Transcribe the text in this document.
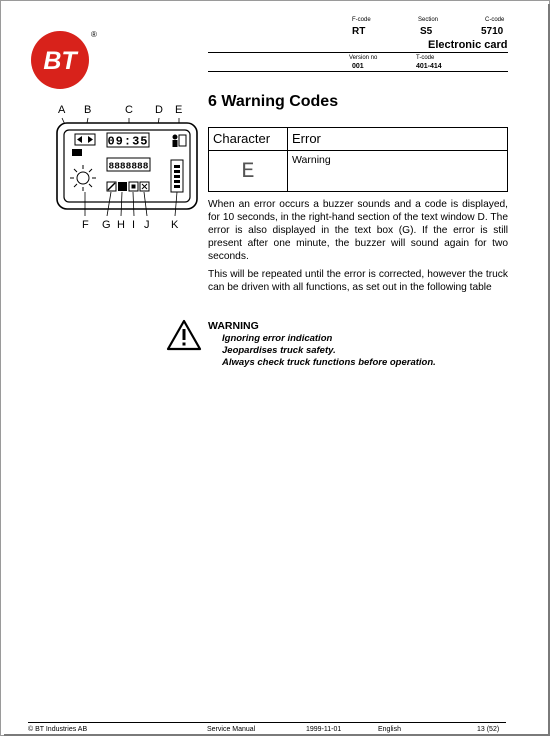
BT
®
F-code	Section	C-code
RT	S5	5710
Electronic card
Version no	T-code
001	401-414
6 Warning Codes
A B	C D E
09:35
8888888
F G H I J K
Character	Error
E	Warning
When an error occurs a buzzer sounds and a code is displayed, for 10 seconds, in the right-hand section of the text window D. The error is also displayed in the text box (G). If the error is still present after one minute, the buzzer will sound again for two seconds.
This will be repeated until the error is corrected, however the truck can be driven with all functions, as set out in the following table
WARNING
Ignoring error indication
Jeopardises truck safety.
Always check truck functions before operation.
© BT Industries AB	Service Manual	1999-11-01	English	13 (52)
